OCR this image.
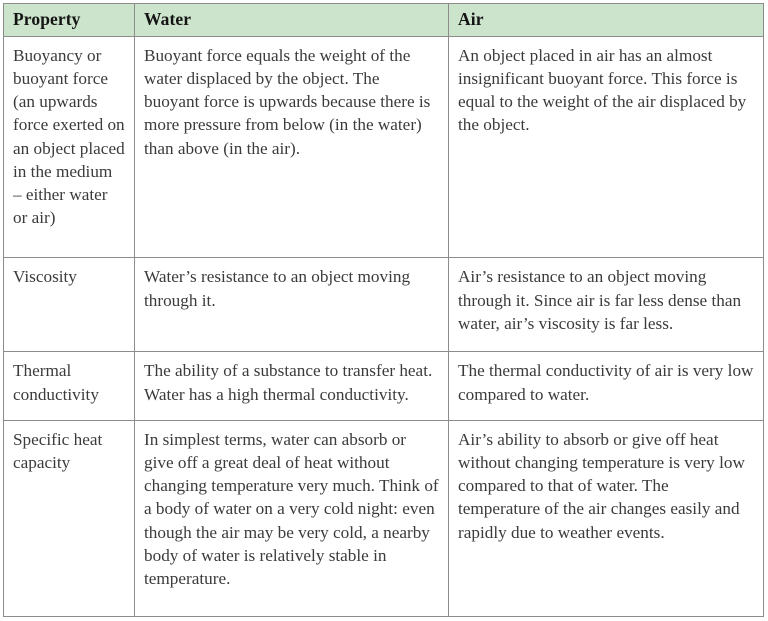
Property	Water	Air

Buoyancy or buoyant force (an upwards force exerted on an object placed in the medium – either water or air)	Buoyant force equals the weight of the water displaced by the object. The buoyant force is upwards because there is more pressure from below (in the water) than above (in the air).	An object placed in air has an almost insignificant buoyant force. This force is equal to the weight of the air displaced by the object.

Viscosity	Water’s resistance to an object moving through it.	Air’s resistance to an object moving through it. Since air is far less dense than water, air’s viscosity is far less.

Thermal conductivity	The ability of a substance to transfer heat. Water has a high thermal conductivity.	The thermal conductivity of air is very low compared to water.

Specific heat capacity	In simplest terms, water can absorb or give off a great deal of heat without changing temperature very much. Think of a body of water on a very cold night: even though the air may be very cold, a nearby body of water is relatively stable in temperature.	Air’s ability to absorb or give off heat without changing temperature is very low compared to that of water. The temperature of the air changes easily and rapidly due to weather events.
